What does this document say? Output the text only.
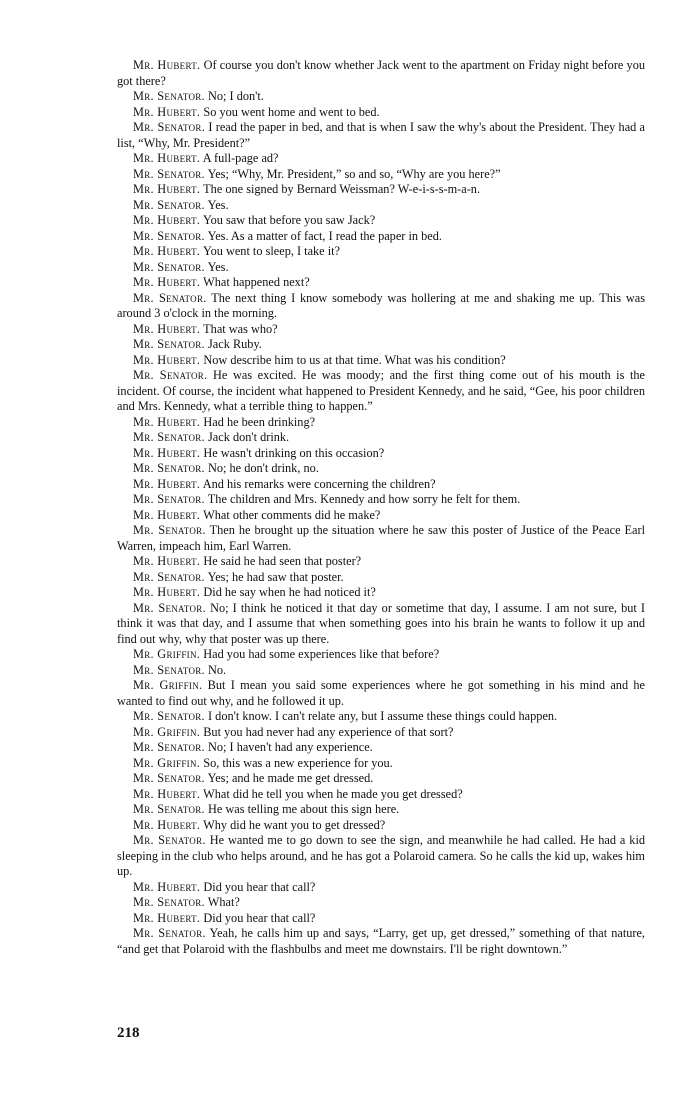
Mr. Hubert. Of course you don't know whether Jack went to the apartment on Friday night before you got there?

Mr. Senator. No; I don't.

Mr. Hubert. So you went home and went to bed.

Mr. Senator. I read the paper in bed, and that is when I saw the why's about the President. They had a list, “Why, Mr. President?”

Mr. Hubert. A full-page ad?

Mr. Senator. Yes; “Why, Mr. President,” so and so, “Why are you here?”

Mr. Hubert. The one signed by Bernard Weissman? W-e-i-s-s-m-a-n.

Mr. Senator. Yes.

Mr. Hubert. You saw that before you saw Jack?

Mr. Senator. Yes. As a matter of fact, I read the paper in bed.

Mr. Hubert. You went to sleep, I take it?

Mr. Senator. Yes.

Mr. Hubert. What happened next?

Mr. Senator. The next thing I know somebody was hollering at me and shaking me up. This was around 3 o'clock in the morning.

Mr. Hubert. That was who?

Mr. Senator. Jack Ruby.

Mr. Hubert. Now describe him to us at that time. What was his condition?

Mr. Senator. He was excited. He was moody; and the first thing come out of his mouth is the incident. Of course, the incident what happened to President Kennedy, and he said, “Gee, his poor children and Mrs. Kennedy, what a terrible thing to happen.”

Mr. Hubert. Had he been drinking?

Mr. Senator. Jack don't drink.

Mr. Hubert. He wasn't drinking on this occasion?

Mr. Senator. No; he don't drink, no.

Mr. Hubert. And his remarks were concerning the children?

Mr. Senator. The children and Mrs. Kennedy and how sorry he felt for them.

Mr. Hubert. What other comments did he make?

Mr. Senator. Then he brought up the situation where he saw this poster of Justice of the Peace Earl Warren, impeach him, Earl Warren.

Mr. Hubert. He said he had seen that poster?

Mr. Senator. Yes; he had saw that poster.

Mr. Hubert. Did he say when he had noticed it?

Mr. Senator. No; I think he noticed it that day or sometime that day, I assume. I am not sure, but I think it was that day, and I assume that when something goes into his brain he wants to follow it up and find out why, why that poster was up there.

Mr. Griffin. Had you had some experiences like that before?

Mr. Senator. No.

Mr. Griffin. But I mean you said some experiences where he got something in his mind and he wanted to find out why, and he followed it up.

Mr. Senator. I don't know. I can't relate any, but I assume these things could happen.

Mr. Griffin. But you had never had any experience of that sort?

Mr. Senator. No; I haven't had any experience.

Mr. Griffin. So, this was a new experience for you.

Mr. Senator. Yes; and he made me get dressed.

Mr. Hubert. What did he tell you when he made you get dressed?

Mr. Senator. He was telling me about this sign here.

Mr. Hubert. Why did he want you to get dressed?

Mr. Senator. He wanted me to go down to see the sign, and meanwhile he had called. He had a kid sleeping in the club who helps around, and he has got a Polaroid camera. So he calls the kid up, wakes him up.

Mr. Hubert. Did you hear that call?

Mr. Senator. What?

Mr. Hubert. Did you hear that call?

Mr. Senator. Yeah, he calls him up and says, “Larry, get up, get dressed,” something of that nature, “and get that Polaroid with the flashbulbs and meet me downstairs. I'll be right downtown.”

218
